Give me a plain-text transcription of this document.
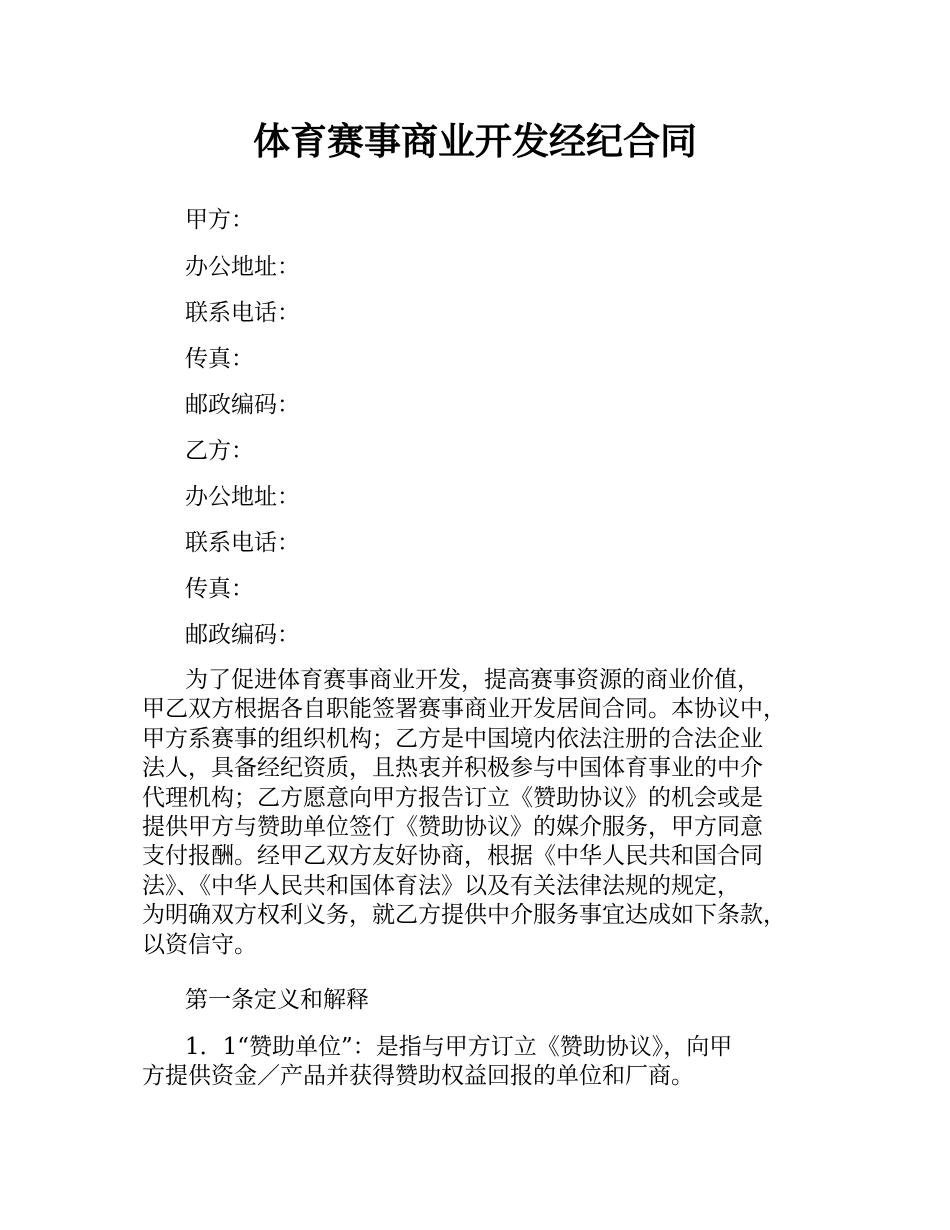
体育赛事商业开发经纪合同

甲方：

办公地址：

联系电话：

传真：

邮政编码：

乙方：

办公地址：

联系电话：

传真：

邮政编码：

为了促进体育赛事商业开发，提高赛事资源的商业价值，
甲乙双方根据各自职能签署赛事商业开发居间合同。本协议中，
甲方系赛事的组织机构；乙方是中国境内依法注册的合法企业
法人，具备经纪资质，且热衷并积极参与中国体育事业的中介
代理机构；乙方愿意向甲方报告订立《赞助协议》的机会或是
提供甲方与赞助单位签仃《赞助协议》的媒介服务，甲方同意
支付报酬。经甲乙双方友好协商，根据《中华人民共和国合同
法》、《中华人民共和国体育法》以及有关法律法规的规定，
为明确双方权利义务，就乙方提供中介服务事宜达成如下条款，
以资信守。

第一条定义和解释

1．1“赞助单位”：是指与甲方订立《赞助协议》，向甲
方提供资金／产品并获得赞助权益回报的单位和厂商。
